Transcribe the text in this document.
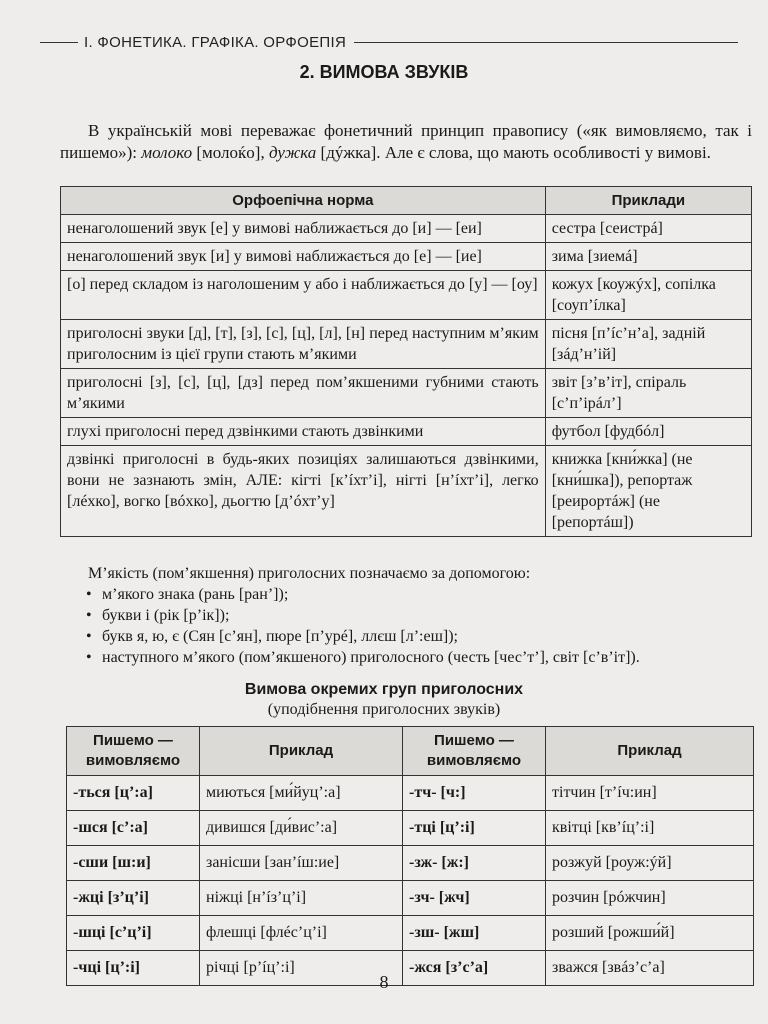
І. ФОНЕТИКА. ГРАФІКА. ОРФОЕПІЯ
2. ВИМОВА ЗВУКІВ

В українській мові переважає фонетичний принцип правопису («як вимовляємо, так і пишемо»): молоко [молоќо], дужка [дýжка]. Але є слова, що мають особливості у вимові.

Орфоепічна норма	Приклади
ненаголошений звук [е] у вимові наближається до [и] — [еи]	сестра [сеистрá]
ненаголошений звук [и] у вимові наближається до [е] — [ие]	зима [зиемá]
[о] перед складом із наголошеним у або і наближається до [у] — [оу]	кожух [коужýх], сопілка [соуп’íлка]
приголосні звуки [д], [т], [з], [с], [ц], [л], [н] перед наступним м’яким приголосним із цієї групи стають м’якими	пісня [п’íс’н’а], задній [зáд’н’ій]
приголосні [з], [с], [ц], [дз] перед пом’якшеними губними стають м’якими	звіт [з’в’іт], спіраль [с’п’ірáл’]
глухі приголосні перед дзвінкими стають дзвінкими	футбол [фудбóл]
дзвінкі приголосні в будь-яких позиціях залишаються дзвінкими, вони не зазнають змін, АЛЕ: кігті [к’íхт’і], нігті [н’íхт’і], легко [лéхко], вогко [вóхко], дьогтю [д’óхт’у]	книжка [кни́жка] (не [кни́шка]), репортаж [реирортáж] (не [репортáш])

М’якість (пом’якшення) приголосних позначаємо за допомогою:

• м’якого знака (рань [ран’]);
• букви і (рік [р’ік]);
• букв я, ю, є (Сян [с’ян], пюре [п’урé], ллєш [л’:еш]);
• наступного м’якого (пом’якшеного) приголосного (честь [чес’т’], світ [с’в’іт]).
Вимова окремих груп приголосних
(уподібнення приголосних звуків)
Пишемо — вимовляємо	Приклад	Пишемо — вимовляємо	Приклад
-ться [ц’:а]	миються [ми́йуц’:а]	-тч- [ч:]	тітчин [т’íч:ин]
-шся [с’:а]	дивишся [ди́вис’:а]	-тці [ц’:і]	квітці [кв’íц’:і]
-сши [ш:и]	занісши [зан’íш:ие]	-зж- [ж:]	розжуй [роуж:ýй]
-жці [з’ц’і]	ніжці [н’íз’ц’і]	-зч- [жч]	розчин [рóжчин]
-шці [с’ц’і]	флешці [флéс’ц’і]	-зш- [жш]	розший [рожши́й]
-чці [ц’:і]	річці [р’íц’:і]	-жся [з’с’а]	зважся [звáз’с’а]
8
